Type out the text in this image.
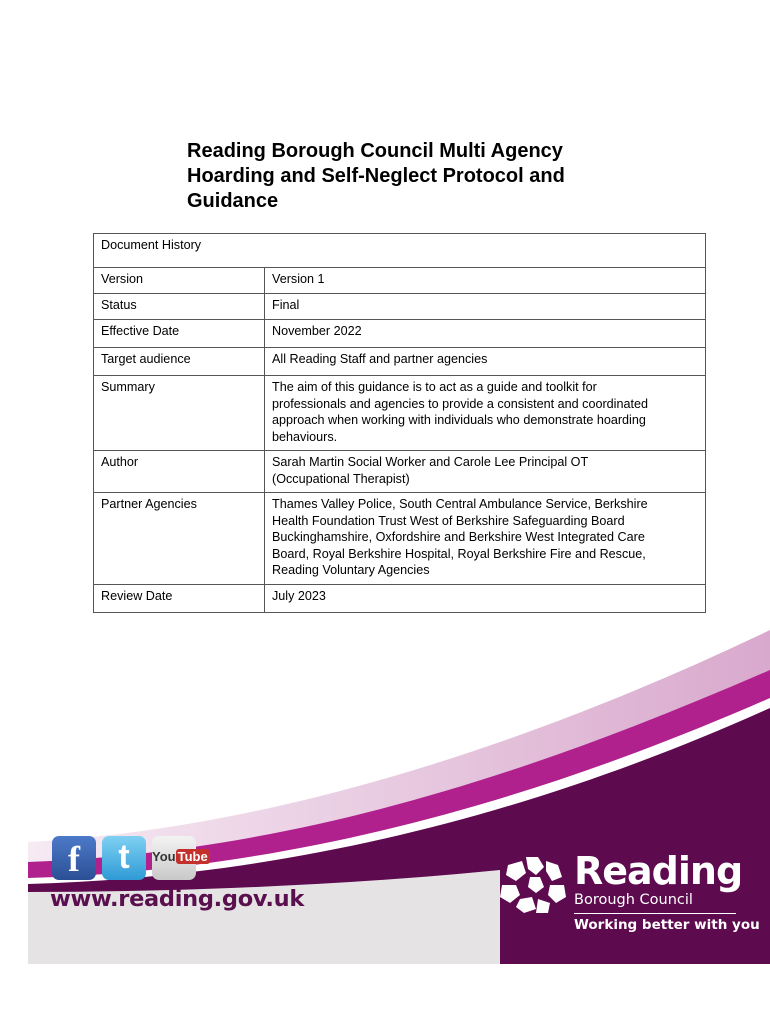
Reading Borough Council Multi Agency
Hoarding and Self-Neglect Protocol and
Guidance
Document History	
Version	Version 1

Status	Final

Effective Date	November 2022

Target audience	All Reading Staff and partner agencies

Summary	The aim of this guidance is to act as a guide and toolkit for
professionals and agencies to provide a consistent and coordinated
approach when working with individuals who demonstrate hoarding
behaviours.

Author	Sarah Martin Social Worker and Carole Lee Principal OT
(Occupational Therapist)

Partner Agencies	Thames Valley Police, South Central Ambulance Service, Berkshire
Health Foundation Trust West of Berkshire Safeguarding Board
Buckinghamshire, Oxfordshire and Berkshire West Integrated Care
Board, Royal Berkshire Hospital, Royal Berkshire Fire and Rescue,
Reading Voluntary Agencies

Review Date	July 2023
f	t	You Tube
www.reading.gov.uk
Reading
Borough Council
Working better with you
